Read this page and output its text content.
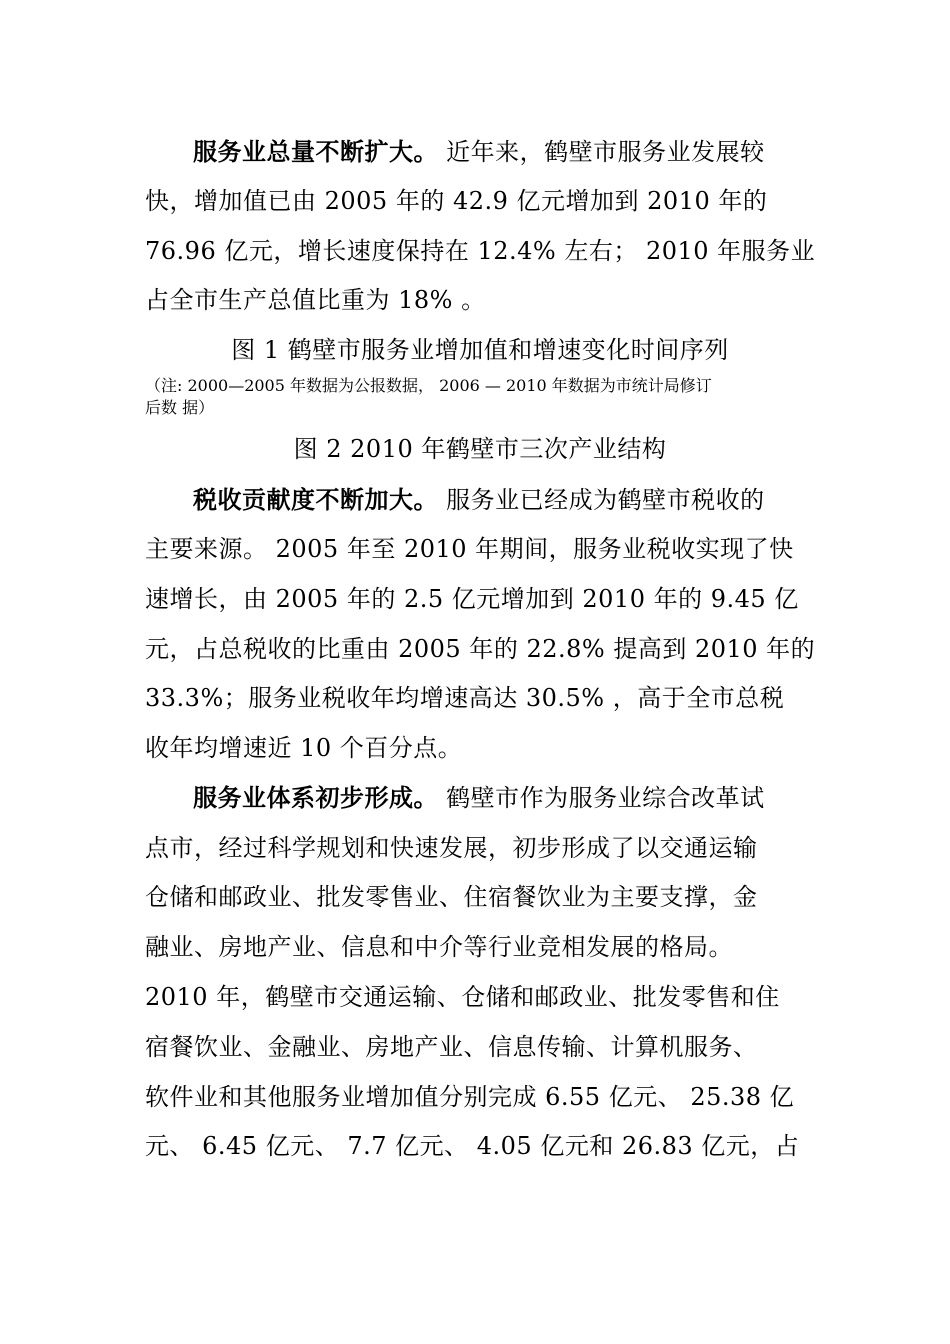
服务业总量不断扩大。 近年来，鹤壁市服务业发展较
快，增加值已由 2005 年的 42.9 亿元增加到 2010 年的
76.96 亿元，增长速度保持在 12.4% 左右； 2010 年服务业
占全市生产总值比重为 18% 。
图 1 鹤壁市服务业增加值和增速变化时间序列
（注: 2000—2005 年数据为公报数据， 2006 — 2010 年数据为市统计局修订
后数 据）
图 2 2010 年鹤壁市三次产业结构
税收贡献度不断加大。 服务业已经成为鹤壁市税收的
主要来源。 2005 年至 2010 年期间，服务业税收实现了快
速增长，由 2005 年的 2.5 亿元增加到 2010 年的 9.45 亿
元，占总税收的比重由 2005 年的 22.8% 提高到 2010 年的
33.3%；服务业税收年均增速高达 30.5% ，高于全市总税
收年均增速近 10 个百分点。
服务业体系初步形成。 鹤壁市作为服务业综合改革试
点市，经过科学规划和快速发展，初步形成了以交通运输
仓储和邮政业、批发零售业、住宿餐饮业为主要支撑，金
融业、房地产业、信息和中介等行业竞相发展的格局。
2010 年，鹤壁市交通运输、仓储和邮政业、批发零售和住
宿餐饮业、金融业、房地产业、信息传输、计算机服务、
软件业和其他服务业增加值分别完成 6.55 亿元、 25.38 亿
元、 6.45 亿元、 7.7 亿元、 4.05 亿元和 26.83 亿元，占
